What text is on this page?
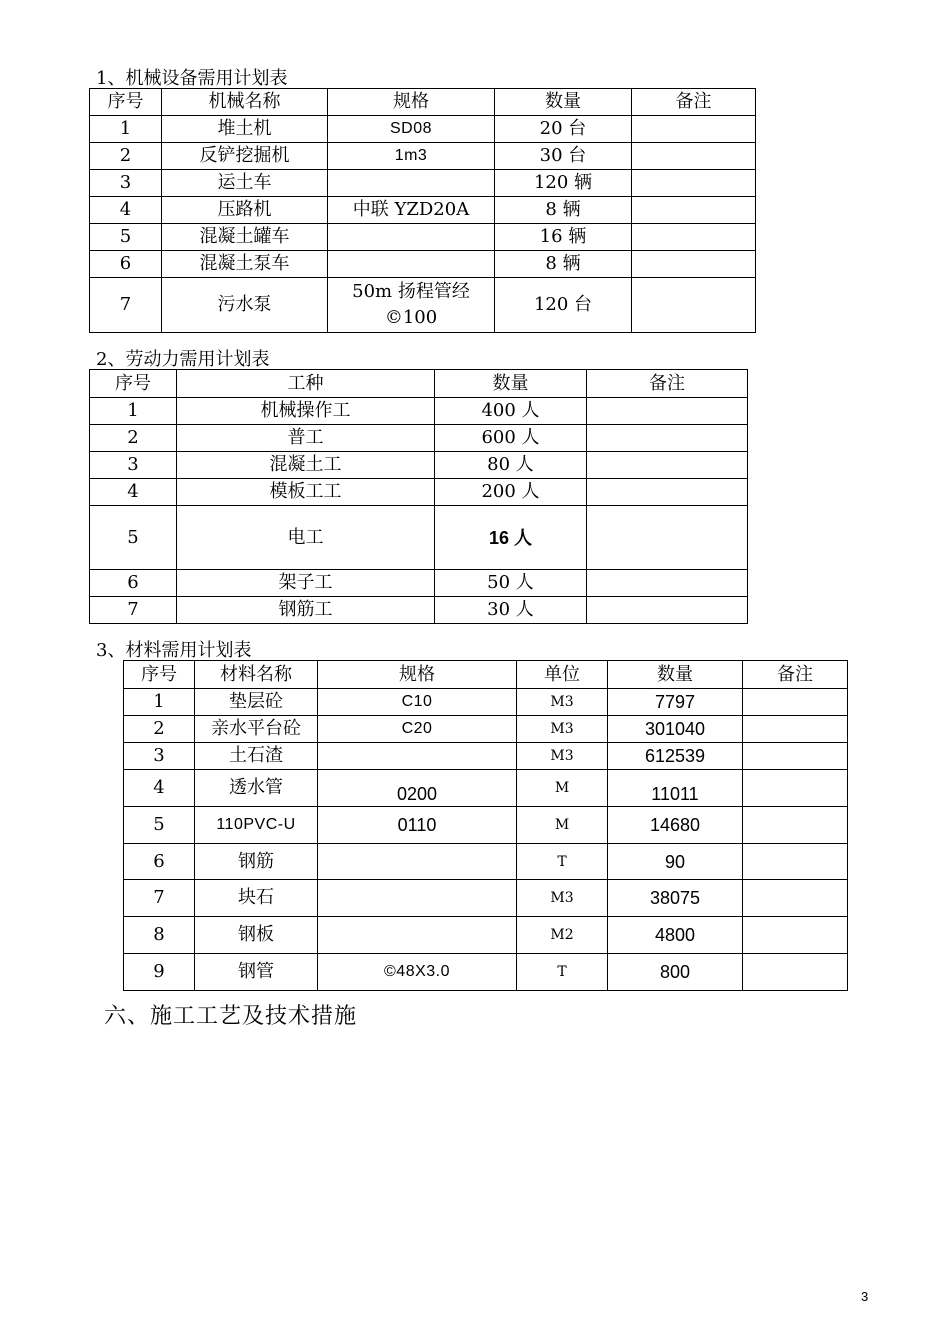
1、机械设备需用计划表
序号	机械名称	规格	数量	备注
1	堆土机	SD08	20 台	
2	反铲挖掘机	1m3	30 台	
3	运土车		120 辆	
4	压路机	中联 YZD20A	8 辆	
5	混凝土罐车		16 辆	
6	混凝土泵车		8 辆	
7	污水泵	50m 扬程管经 ©100	120 台	
2、劳动力需用计划表
序号	工种	数量	备注
1	机械操作工	400 人	
2	普工	600 人	
3	混凝土工	80 人	
4	模板工工	200 人	
5	电工	16 人	
6	架子工	50 人	
7	钢筋工	30 人	
3、材料需用计划表
序号	材料名称	规格	单位	数量	备注
1	垫层砼	C10	M3	7797	
2	亲水平台砼	C20	M3	301040	
3	土石渣		M3	612539	
4	透水管	0200	M	11011	
5	110PVC-U	0110	M	14680	
6	钢筋		T	90	
7	块石		M3	38075	
8	钢板		M2	4800	
9	钢管	©48X3.0	T	800	
六、施工工艺及技术措施
3
